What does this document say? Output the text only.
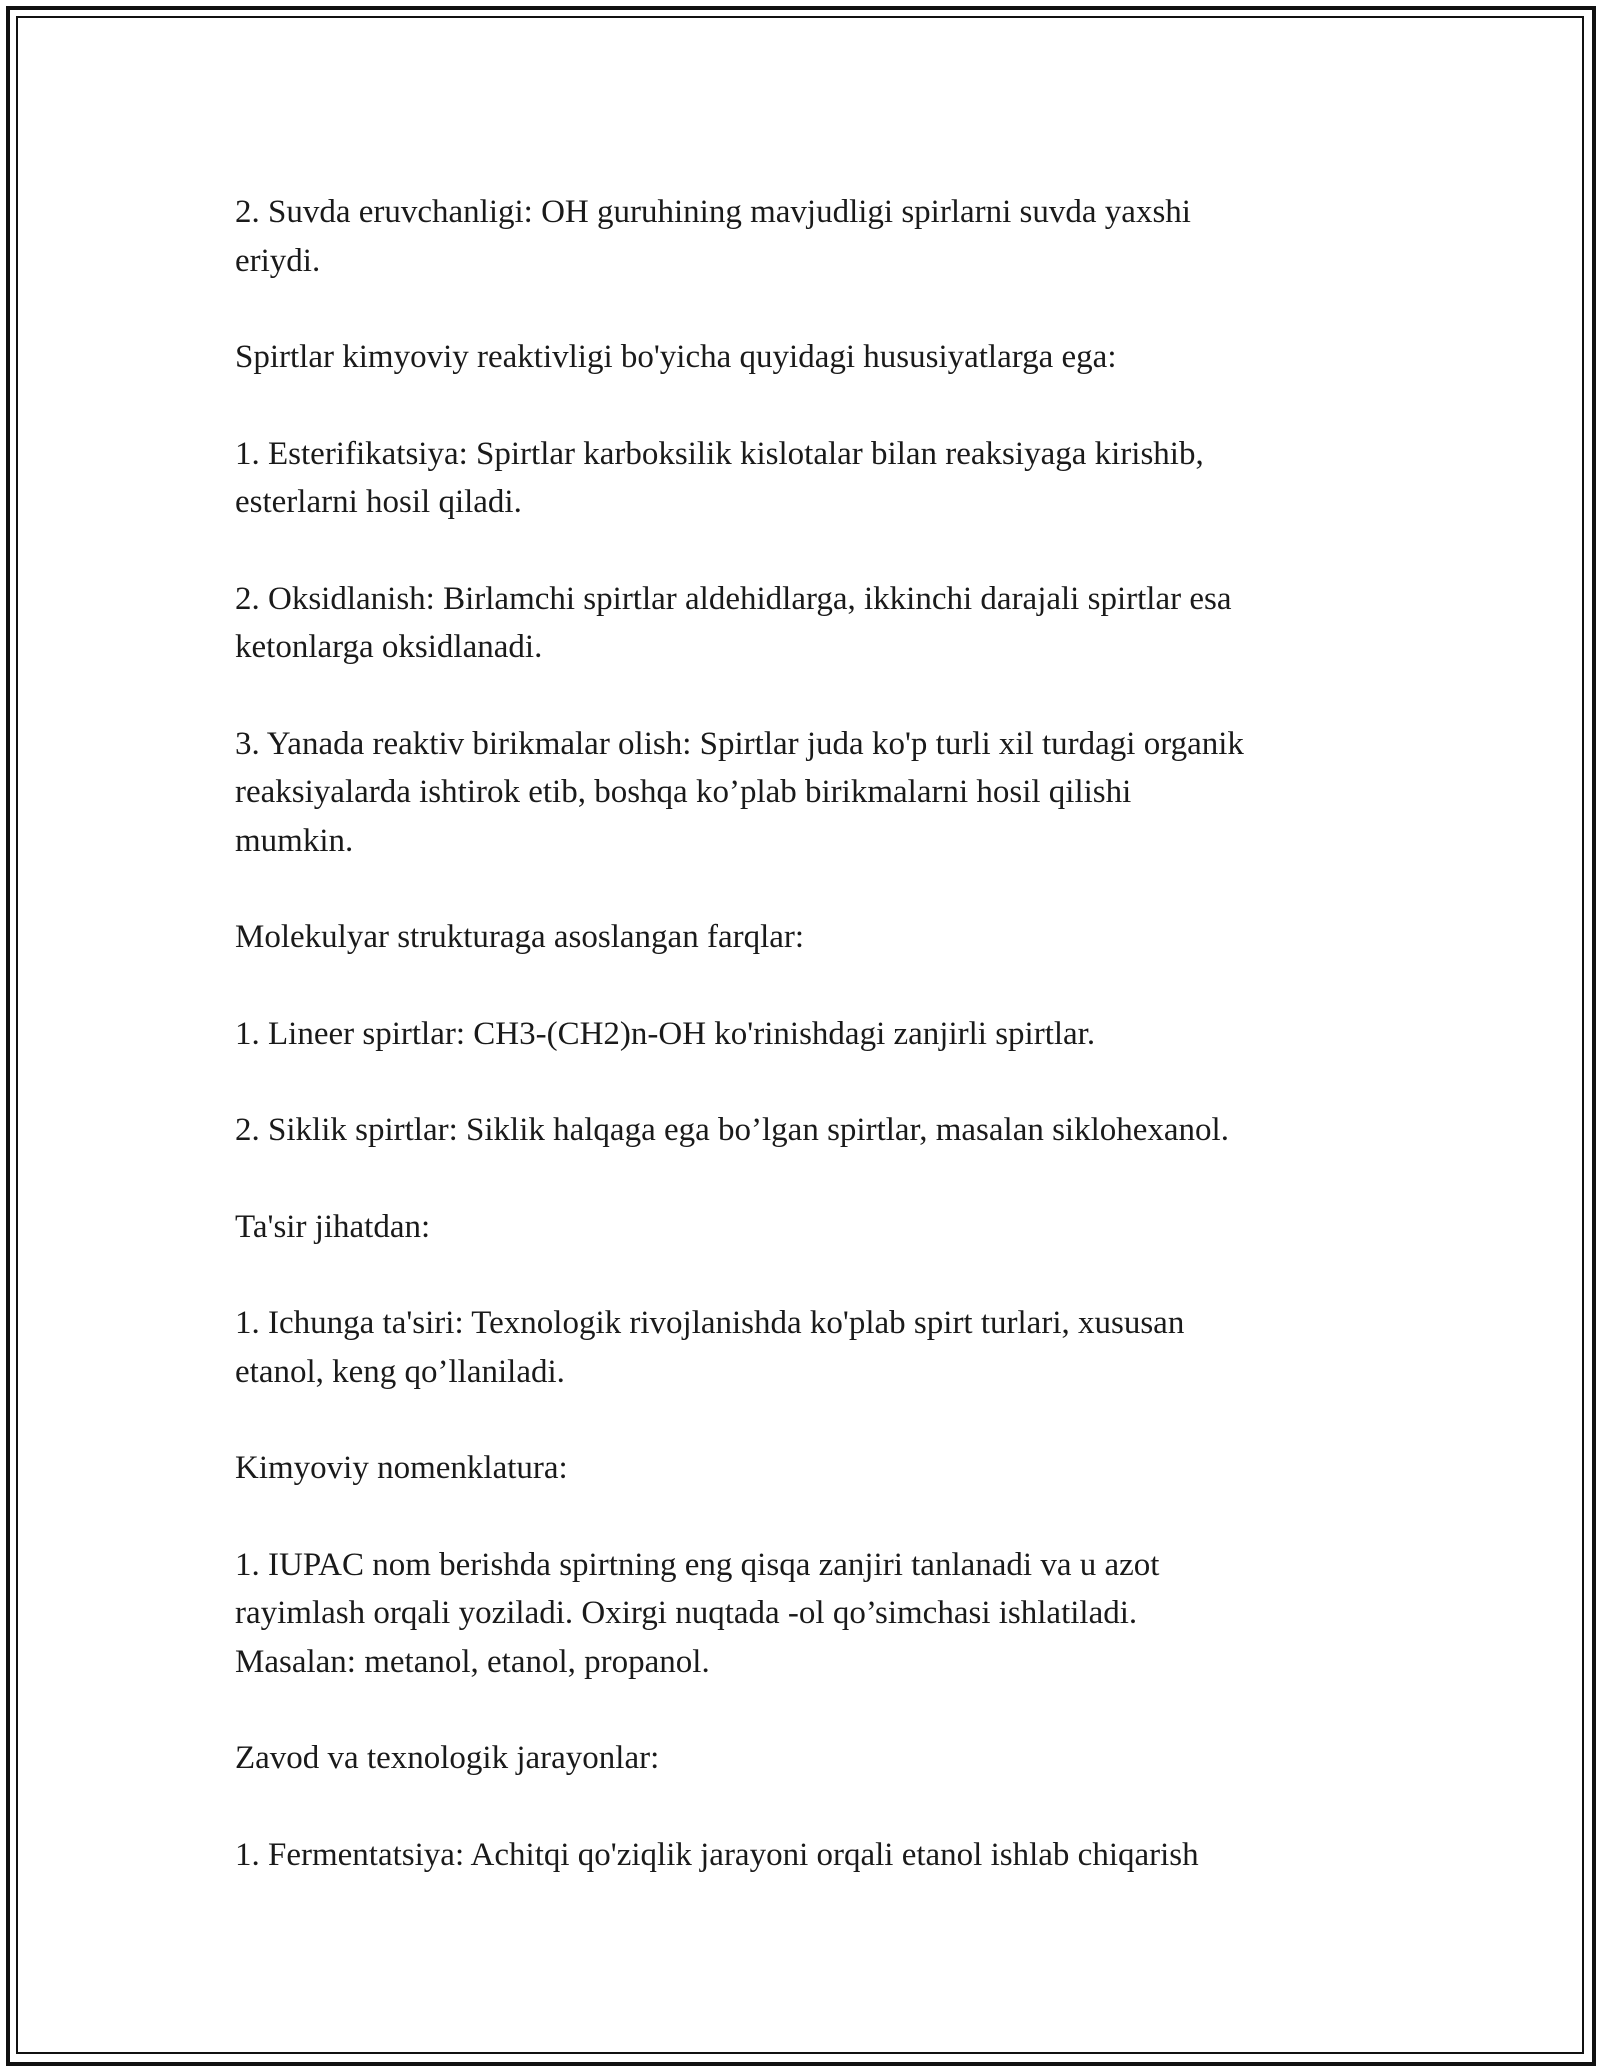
2. Suvda eruvchanligi: OH guruhining mavjudligi spirlarni suvda yaxshi
eriydi.

Spirtlar kimyoviy reaktivligi bo'yicha quyidagi hususiyatlarga ega:

1. Esterifikatsiya: Spirtlar karboksilik kislotalar bilan reaksiyaga kirishib,
esterlarni hosil qiladi.

2. Oksidlanish: Birlamchi spirtlar aldehidlarga, ikkinchi darajali spirtlar esa
ketonlarga oksidlanadi.

3. Yanada reaktiv birikmalar olish: Spirtlar juda ko'p turli xil turdagi organik
reaksiyalarda ishtirok etib, boshqa ko’plab birikmalarni hosil qilishi
mumkin.

Molekulyar strukturaga asoslangan farqlar:

1. Lineer spirtlar: CH3-(CH2)n-OH ko'rinishdagi zanjirli spirtlar.

2. Siklik spirtlar: Siklik halqaga ega bo’lgan spirtlar, masalan siklohexanol.

Ta'sir jihatdan:

1. Ichunga ta'siri: Texnologik rivojlanishda ko'plab spirt turlari, xususan
etanol, keng qo’llaniladi.

Kimyoviy nomenklatura:

1. IUPAC nom berishda spirtning eng qisqa zanjiri tanlanadi va u azot
rayimlash orqali yoziladi. Oxirgi nuqtada -ol qo’simchasi ishlatiladi.
Masalan: metanol, etanol, propanol.

Zavod va texnologik jarayonlar:

1. Fermentatsiya: Achitqi qo'ziqlik jarayoni orqali etanol ishlab chiqarish
